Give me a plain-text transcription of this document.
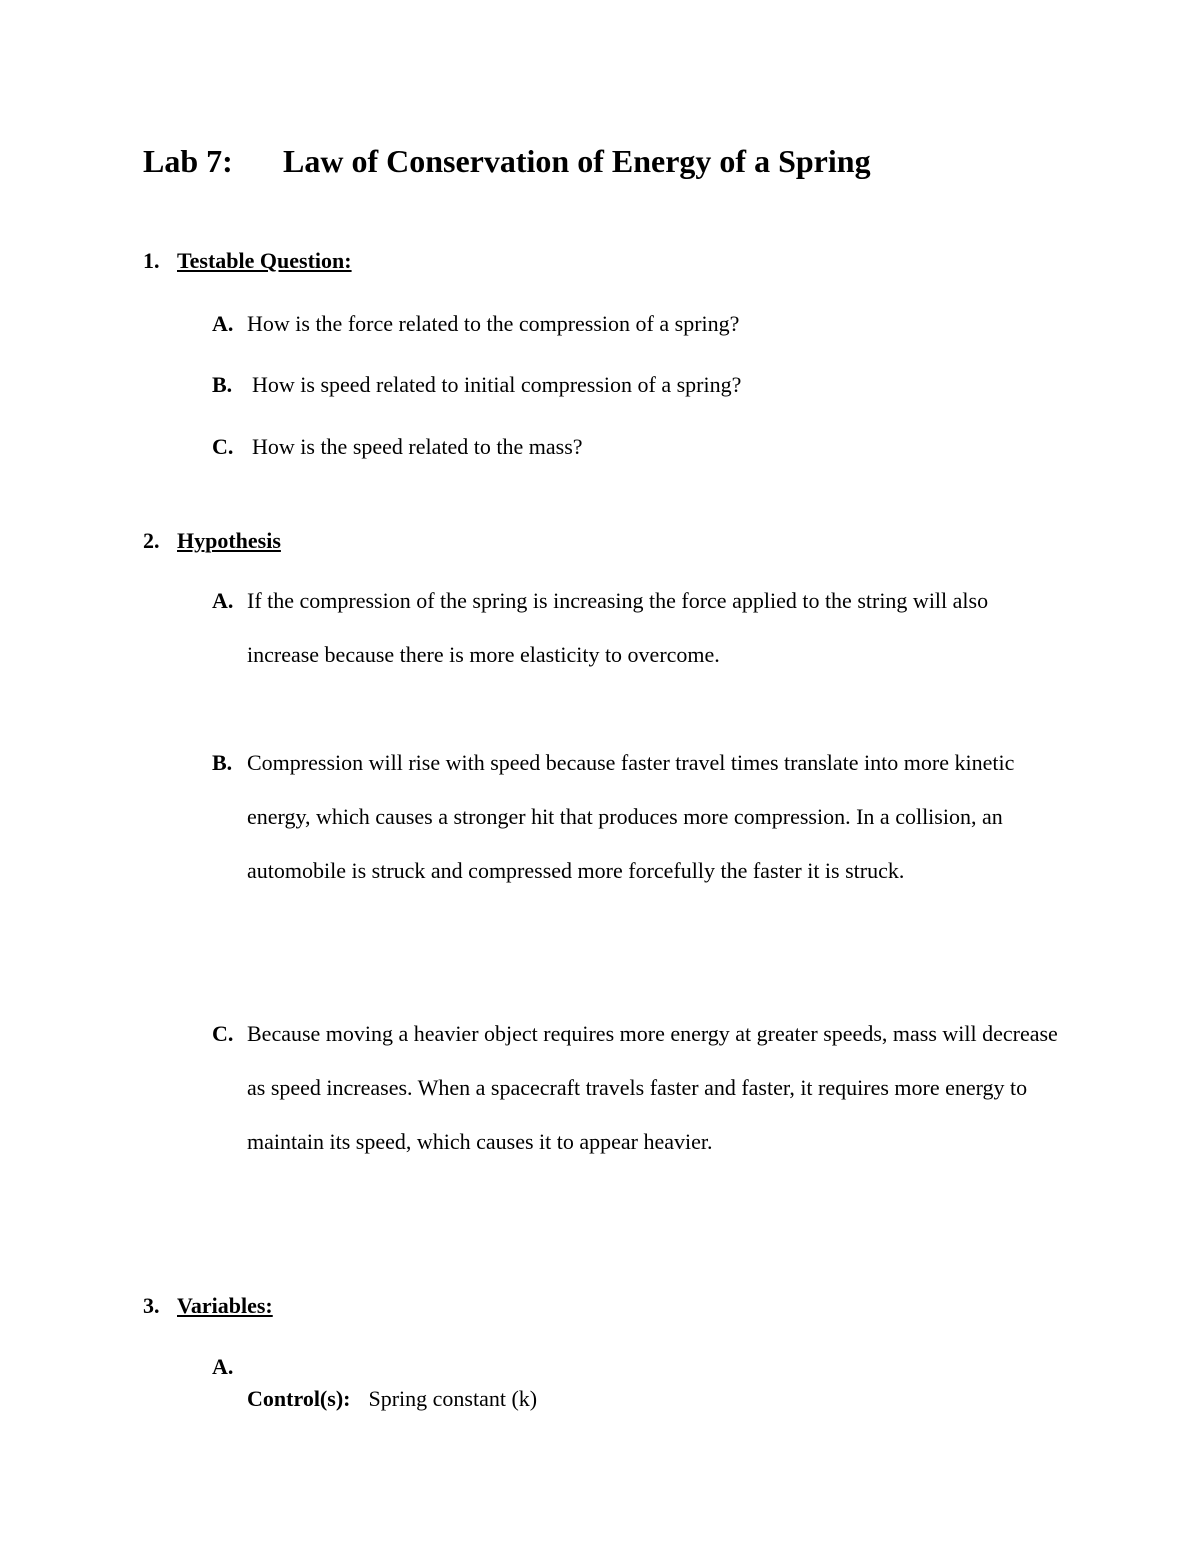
Lab 7: Law of Conservation of Energy of a Spring
1. Testable Question:
A. How is the force related to the compression of a spring?
B. How is speed related to initial compression of a spring?
C. How is the speed related to the mass?
2. Hypothesis
A. If the compression of the spring is increasing the force applied to the string will also increase because there is more elasticity to overcome.
B. Compression will rise with speed because faster travel times translate into more kinetic energy, which causes a stronger hit that produces more compression. In a collision, an automobile is struck and compressed more forcefully the faster it is struck.
C. Because moving a heavier object requires more energy at greater speeds, mass will decrease as speed increases. When a spacecraft travels faster and faster, it requires more energy to maintain its speed, which causes it to appear heavier.
3. Variables:
A.
Control(s): Spring constant (k)
